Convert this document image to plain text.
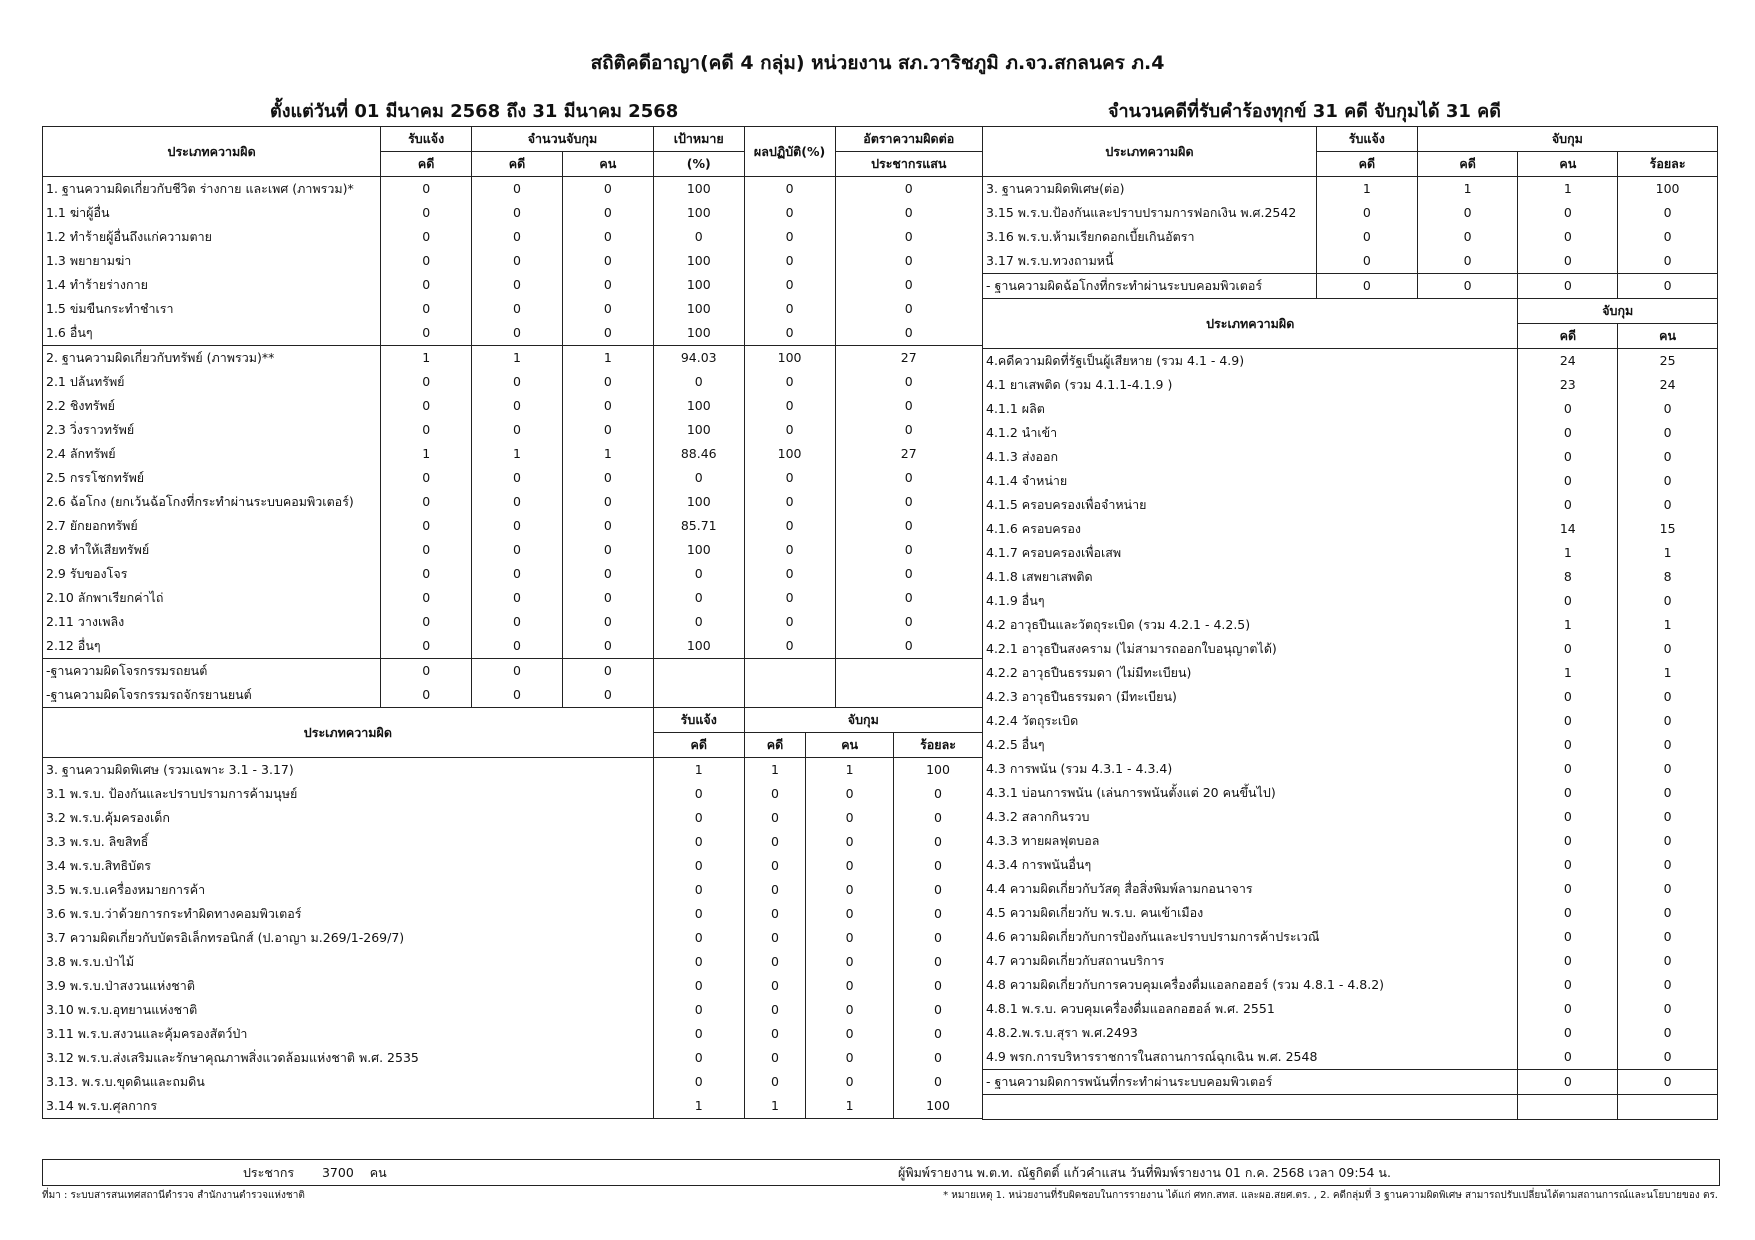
สถิติคดีอาญา(คดี 4 กลุ่ม) หน่วยงาน สภ.วาริชภูมิ ภ.จว.สกลนคร ภ.4
ตั้งแต่วันที่ 01 มีนาคม 2568 ถึง 31 มีนาคม 2568	จำนวนคดีที่รับคำร้องทุกข์ 31 คดี จับกุมได้ 31 คดี
ประเภทความผิด	รับแจ้ง	จำนวนจับกุม		เป้าหมาย	ผลปฏิบัติ(%)		อัตราความผิดต่อ	
	คดี	คดี	คน	(%)			ประชากรแสน	
1. ฐานความผิดเกี่ยวกับชีวิต ร่างกาย และเพศ (ภาพรวม)*	0	0	0	100	0		0	
1.1 ฆ่าผู้อื่น	0	0	0	100	0		0	
1.2 ทำร้ายผู้อื่นถึงแก่ความตาย	0	0	0	0	0		0	
1.3 พยายามฆ่า	0	0	0	100	0		0	
1.4 ทำร้ายร่างกาย	0	0	0	100	0		0	
1.5 ข่มขืนกระทำชำเรา	0	0	0	100	0		0	
1.6 อื่นๆ	0	0	0	100	0		0	
2. ฐานความผิดเกี่ยวกับทรัพย์ (ภาพรวม)**	1	1	1	94.03	100		27	
2.1 ปล้นทรัพย์	0	0	0	0	0		0	
2.2 ชิงทรัพย์	0	0	0	100	0		0	
2.3 วิ่งราวทรัพย์	0	0	0	100	0		0	
2.4 ลักทรัพย์	1	1	1	88.46	100		27	
2.5 กรรโชกทรัพย์	0	0	0	0	0		0	
2.6 ฉ้อโกง (ยกเว้นฉ้อโกงที่กระทำผ่านระบบคอมพิวเตอร์)	0	0	0	100	0		0	
2.7 ยักยอกทรัพย์	0	0	0	85.71	0		0	
2.8 ทำให้เสียทรัพย์	0	0	0	100	0		0	
2.9 รับของโจร	0	0	0	0	0		0	
2.10 ลักพาเรียกค่าไถ่	0	0	0	0	0		0	
2.11 วางเพลิง	0	0	0	0	0		0	
2.12 อื่นๆ	0	0	0	100	0		0	
-ฐานความผิดโจรกรรมรถยนต์	0	0	0					
-ฐานความผิดโจรกรรมรถจักรยานยนต์	0	0	0					
ประเภทความผิด				รับแจ้ง	จับกุม			
				คดี	คดี	คน		ร้อยละ
3. ฐานความผิดพิเศษ (รวมเฉพาะ 3.1 - 3.17)				1	1	1		100
3.1 พ.ร.บ. ป้องกันและปราบปรามการค้ามนุษย์				0	0	0		0
3.2 พ.ร.บ.คุ้มครองเด็ก				0	0	0		0
3.3 พ.ร.บ. ลิขสิทธิ์				0	0	0		0
3.4 พ.ร.บ.สิทธิบัตร				0	0	0		0
3.5 พ.ร.บ.เครื่องหมายการค้า				0	0	0		0
3.6 พ.ร.บ.ว่าด้วยการกระทำผิดทางคอมพิวเตอร์				0	0	0		0
3.7 ความผิดเกี่ยวกับบัตรอิเล็กทรอนิกส์ (ป.อาญา ม.269/1-269/7)				0	0	0		0
3.8 พ.ร.บ.ป่าไม้				0	0	0		0
3.9 พ.ร.บ.ป่าสงวนแห่งชาติ				0	0	0		0
3.10 พ.ร.บ.อุทยานแห่งชาติ				0	0	0		0
3.11 พ.ร.บ.สงวนและคุ้มครองสัตว์ป่า				0	0	0		0
3.12 พ.ร.บ.ส่งเสริมและรักษาคุณภาพสิ่งแวดล้อมแห่งชาติ พ.ศ. 2535				0	0	0		0
3.13. พ.ร.บ.ขุดดินและถมดิน				0	0	0		0
3.14 พ.ร.บ.ศุลกากร				1	1	1		100
ประเภทความผิด	รับแจ้ง	จับกุม		
	คดี	คดี	คน	ร้อยละ
3. ฐานความผิดพิเศษ(ต่อ)	1	1	1	100
3.15 พ.ร.บ.ป้องกันและปราบปรามการฟอกเงิน พ.ศ.2542	0	0	0	0
3.16 พ.ร.บ.ห้ามเรียกดอกเบี้ยเกินอัตรา	0	0	0	0
3.17 พ.ร.บ.ทวงถามหนี้	0	0	0	0
- ฐานความผิดฉ้อโกงที่กระทำผ่านระบบคอมพิวเตอร์	0	0	0	0
ประเภทความผิด			จับกุม	
			คดี	คน
4.คดีความผิดที่รัฐเป็นผู้เสียหาย (รวม 4.1 - 4.9)			24	25
4.1 ยาเสพติด (รวม 4.1.1-4.1.9 )			23	24
4.1.1 ผลิต			0	0
4.1.2 นำเข้า			0	0
4.1.3 ส่งออก			0	0
4.1.4 จำหน่าย			0	0
4.1.5 ครอบครองเพื่อจำหน่าย			0	0
4.1.6 ครอบครอง			14	15
4.1.7 ครอบครองเพื่อเสพ			1	1
4.1.8 เสพยาเสพติด			8	8
4.1.9 อื่นๆ			0	0
4.2 อาวุธปืนและวัตถุระเบิด (รวม 4.2.1 - 4.2.5)			1	1
4.2.1 อาวุธปืนสงคราม (ไม่สามารถออกใบอนุญาตได้)			0	0
4.2.2 อาวุธปืนธรรมดา (ไม่มีทะเบียน)			1	1
4.2.3 อาวุธปืนธรรมดา (มีทะเบียน)			0	0
4.2.4 วัตถุระเบิด			0	0
4.2.5 อื่นๆ			0	0
4.3 การพนัน (รวม 4.3.1 - 4.3.4)			0	0
4.3.1 บ่อนการพนัน (เล่นการพนันตั้งแต่ 20 คนขึ้นไป)			0	0
4.3.2 สลากกินรวบ			0	0
4.3.3 ทายผลฟุตบอล			0	0
4.3.4 การพนันอื่นๆ			0	0
4.4 ความผิดเกี่ยวกับวัสดุ สื่อสิ่งพิมพ์ลามกอนาจาร			0	0
4.5 ความผิดเกี่ยวกับ พ.ร.บ. คนเข้าเมือง			0	0
4.6 ความผิดเกี่ยวกับการป้องกันและปราบปรามการค้าประเวณี			0	0
4.7 ความผิดเกี่ยวกับสถานบริการ			0	0
4.8 ความผิดเกี่ยวกับการควบคุมเครื่องดื่มแอลกอฮอร์ (รวม 4.8.1 - 4.8.2)			0	0
4.8.1 พ.ร.บ. ควบคุมเครื่องดื่มแอลกอฮอล์ พ.ศ. 2551			0	0
4.8.2.พ.ร.บ.สุรา พ.ศ.2493			0	0
4.9 พรก.การบริหารราชการในสถานการณ์ฉุกเฉิน พ.ศ. 2548			0	0
- ฐานความผิดการพนันที่กระทำผ่านระบบคอมพิวเตอร์			0	0

ประชากร 3700 คน	ผู้พิมพ์รายงาน พ.ต.ท. ณัฐกิตติ์ แก้วคำแสน วันที่พิมพ์รายงาน 01 ก.ค. 2568 เวลา 09:54 น.
ที่มา : ระบบสารสนเทศสถานีตำรวจ สำนักงานตำรวจแห่งชาติ	* หมายเหตุ 1. หน่วยงานที่รับผิดชอบในการรายงาน ได้แก่ ศทก.สทส. และผอ.สยศ.ตร. , 2. คดีกลุ่มที่ 3 ฐานความผิดพิเศษ สามารถปรับเปลี่ยนได้ตามสถานการณ์และนโยบายของ ตร.
